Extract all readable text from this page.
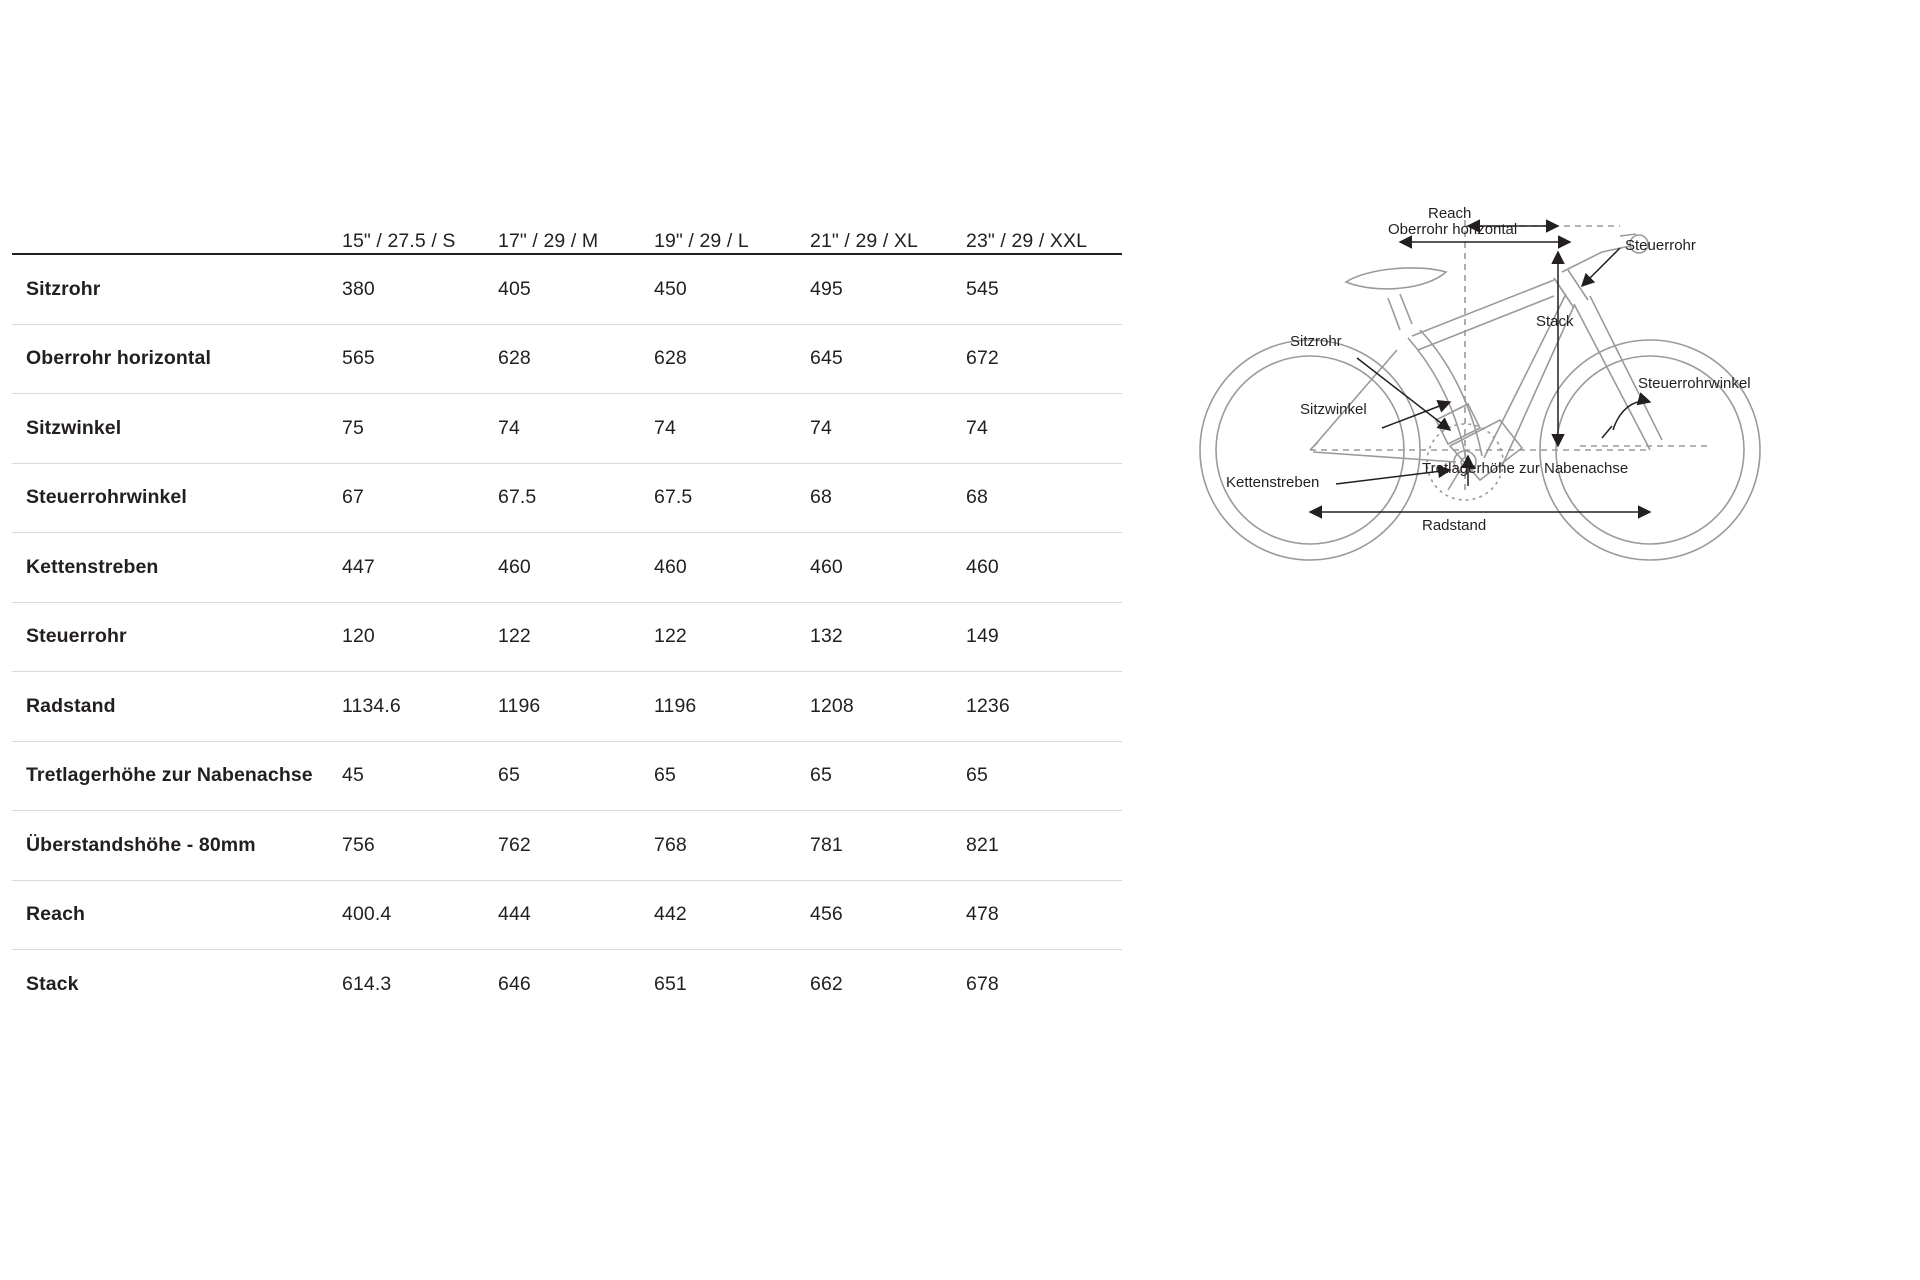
	15" / 27.5 / S	17" / 29 / M	19" / 29 / L	21" / 29 / XL	23" / 29 / XXL
Sitzrohr	380	405	450	495	545
Oberrohr horizontal	565	628	628	645	672
Sitzwinkel	75	74	74	74	74
Steuerrohrwinkel	67	67.5	67.5	68	68
Kettenstreben	447	460	460	460	460
Steuerrohr	120	122	122	132	149
Radstand	1134.6	1196	1196	1208	1236
Tretlagerhöhe zur Nabenachse	45	65	65	65	65
Überstandshöhe - 80mm	756	762	768	781	821
Reach	400.4	444	442	456	478
Stack	614.3	646	651	662	678
Reach
Oberrohr horizontal
Steuerrohr
Stack
Sitzrohr
Steuerrohrwinkel
Sitzwinkel
Tretlagerhöhe zur Nabenachse
Kettenstreben
Radstand
